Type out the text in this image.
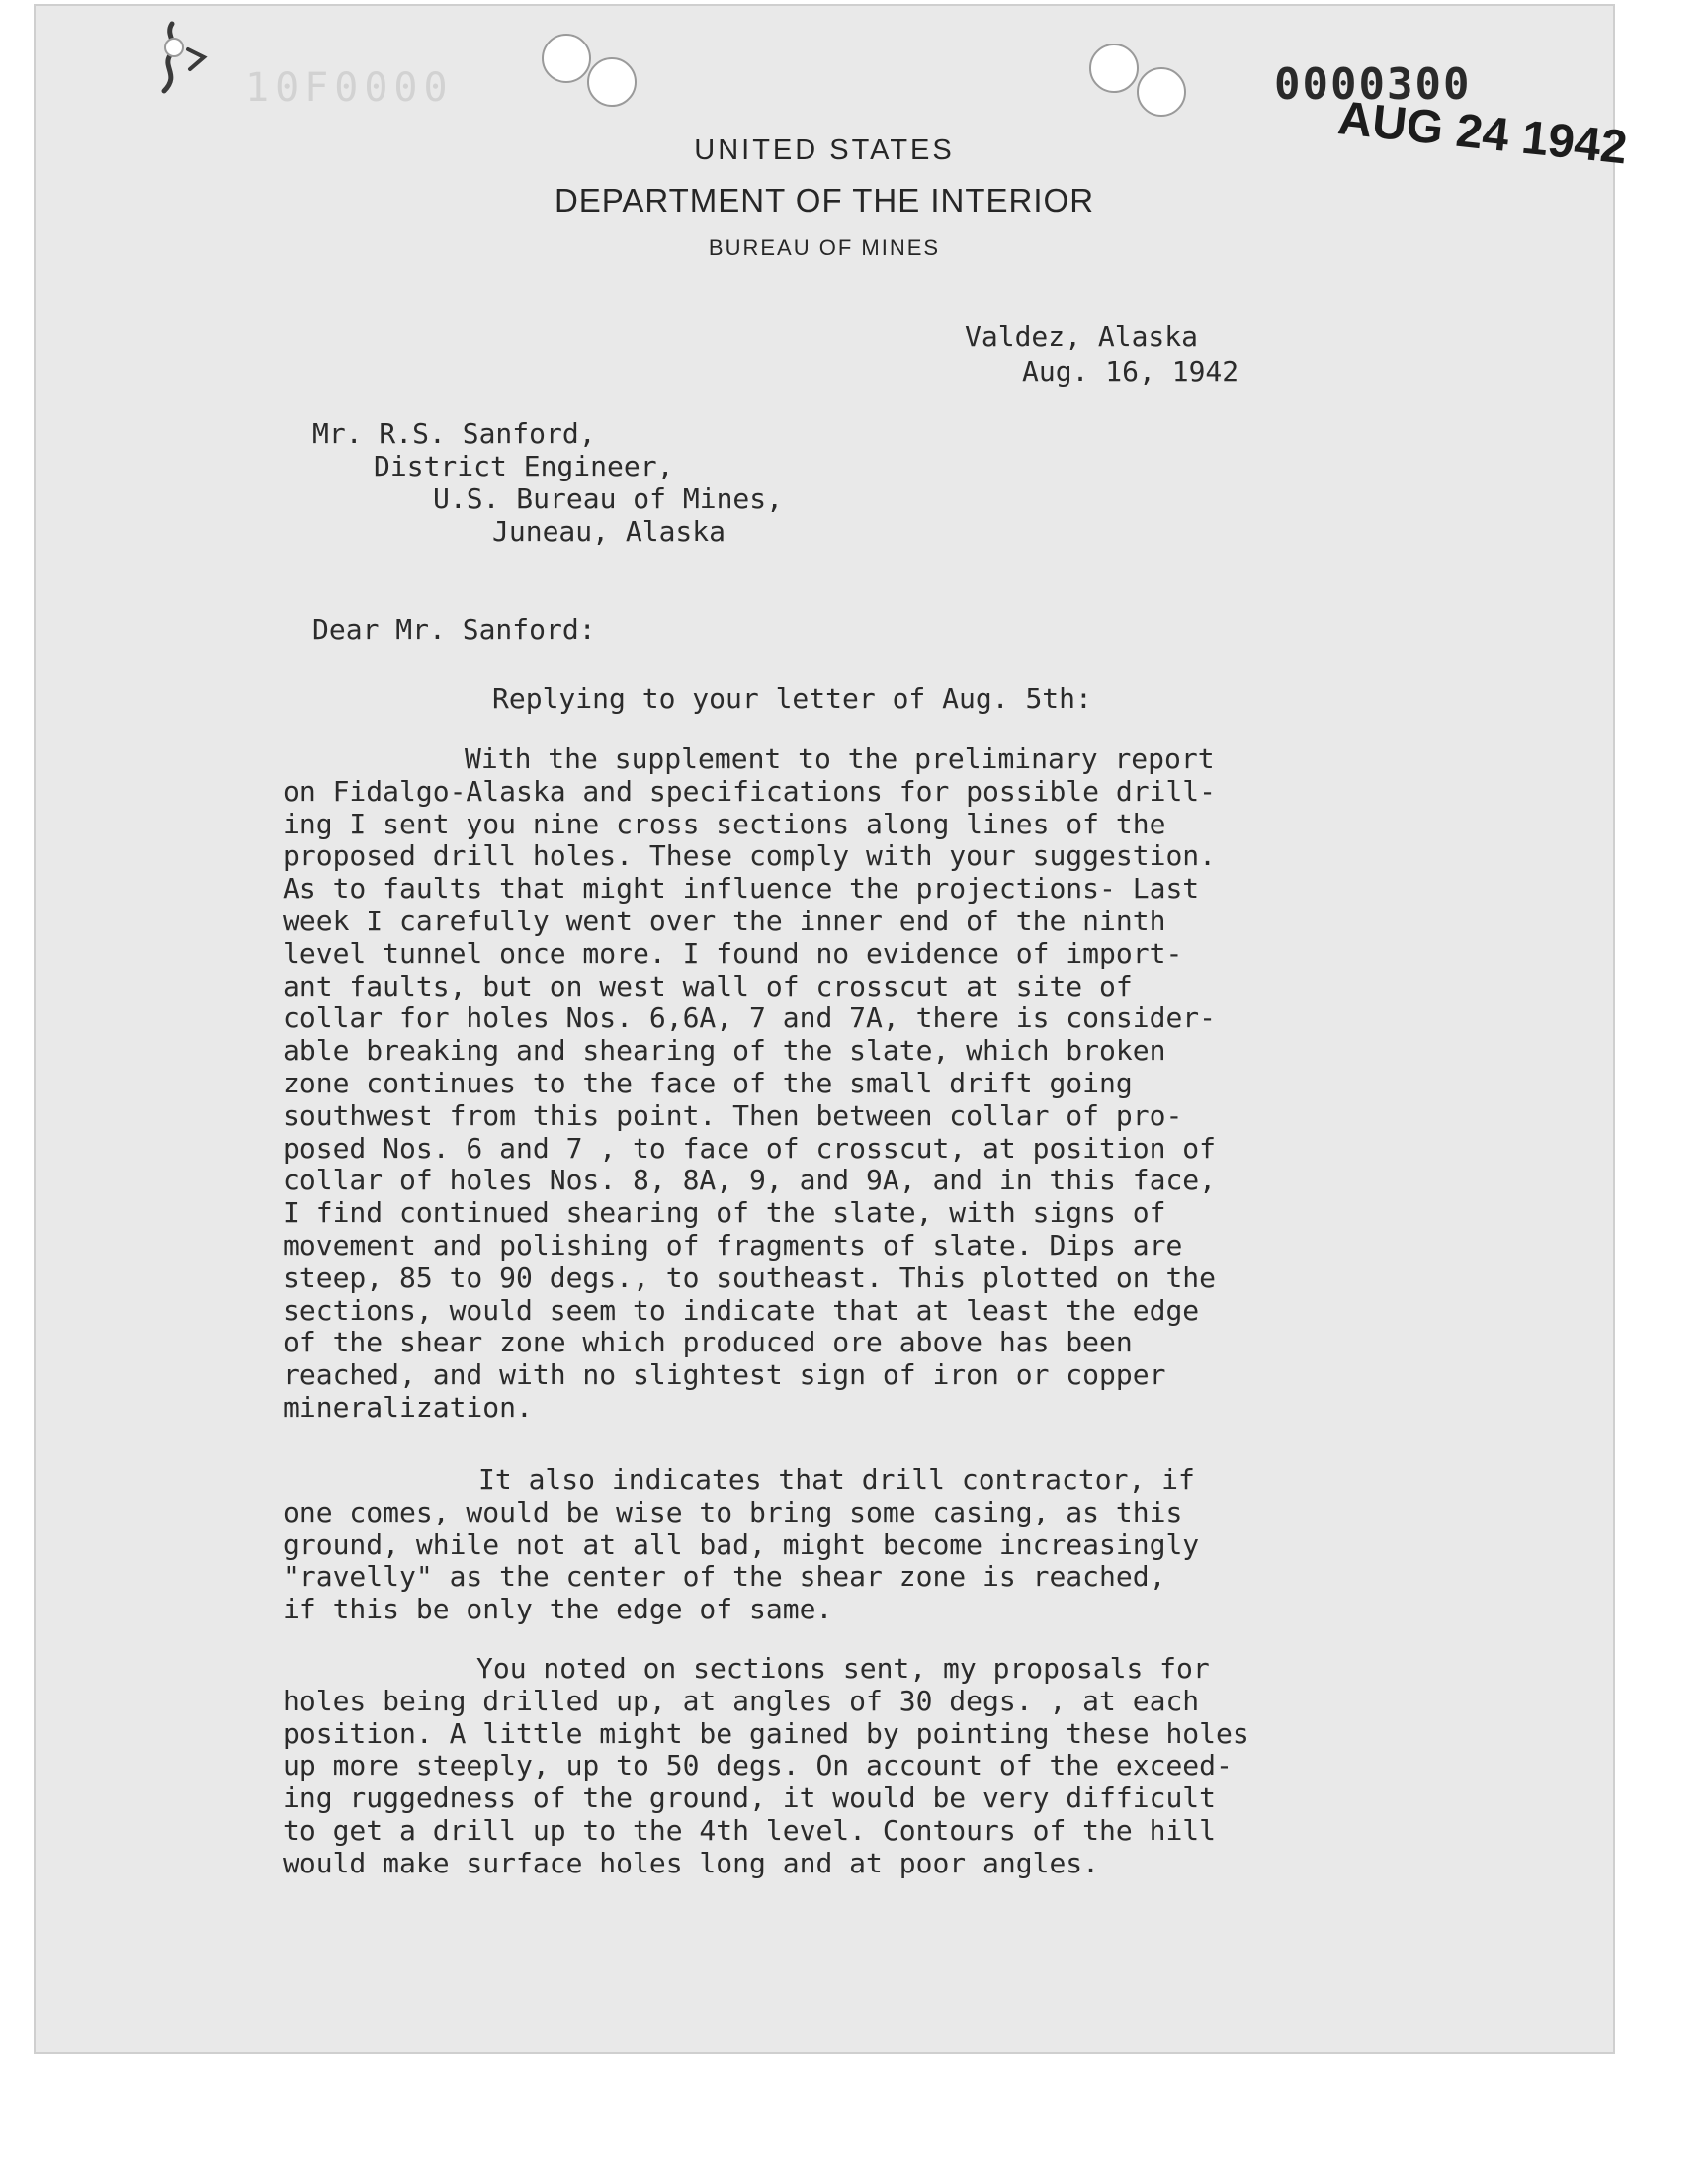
10F0000	0000300
AUG 24 1942
UNITED STATES
DEPARTMENT OF THE INTERIOR
BUREAU OF MINES
Valdez, Alaska
Aug. 16, 1942
Mr. R.S. Sanford,
District Engineer,
U.S. Bureau of Mines,
Juneau, Alaska
Dear Mr. Sanford:
Replying to your letter of Aug. 5th:
With the supplement to the preliminary report
on Fidalgo-Alaska and specifications for possible drill-
ing I sent you nine cross sections along lines of the
proposed drill holes. These comply with your suggestion.
As to faults that might influence the projections- Last
week I carefully went over the inner end of the ninth
level tunnel once more. I found no evidence of import-
ant faults, but on west wall of crosscut at site of
collar for holes Nos. 6,6A, 7 and 7A, there is consider-
able breaking and shearing of the slate, which broken
zone continues to the face of the small drift going
southwest from this point. Then between collar of pro-
posed Nos. 6 and 7 , to face of crosscut, at position of
collar of holes Nos. 8, 8A, 9, and 9A, and in this face,
I find continued shearing of the slate, with signs of
movement and polishing of fragments of slate. Dips are
steep, 85 to 90 degs., to southeast. This plotted on the
sections, would seem to indicate that at least the edge
of the shear zone which produced ore above has been
reached, and with no slightest sign of iron or copper
mineralization.
It also indicates that drill contractor, if
one comes, would be wise to bring some casing, as this
ground, while not at all bad, might become increasingly
"ravelly" as the center of the shear zone is reached,
if this be only the edge of same.
You noted on sections sent, my proposals for
holes being drilled up, at angles of 30 degs. , at each
position. A little might be gained by pointing these holes
up more steeply, up to 50 degs. On account of the exceed-
ing ruggedness of the ground, it would be very difficult
to get a drill up to the 4th level. Contours of the hill
would make surface holes long and at poor angles.
